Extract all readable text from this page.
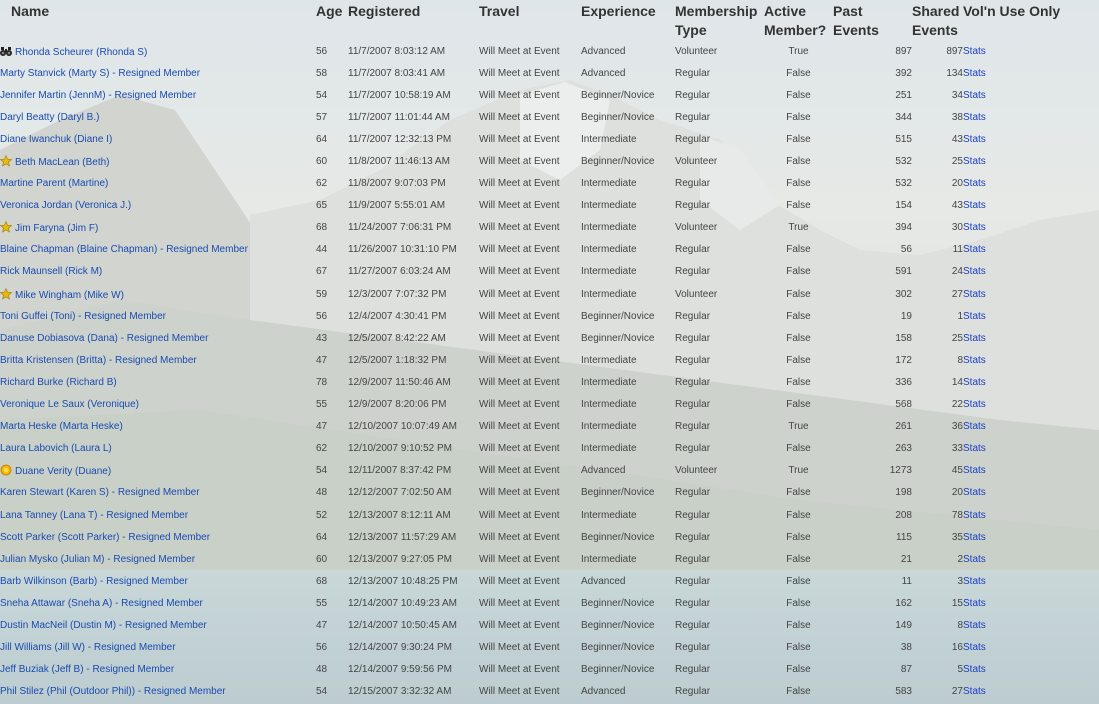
Name	Age	Registered	Travel	Experience	Membership Type	Active Member?	Past Events	Shared Events	Vol'n Use Only
Rhonda Scheurer (Rhonda S)	56	11/7/2007 8:03:12 AM	Will Meet at Event	Advanced	Volunteer	True	897	897	Stats
Marty Stanvick (Marty S) - Resigned Member	58	11/7/2007 8:03:41 AM	Will Meet at Event	Advanced	Regular	False	392	134	Stats
Jennifer Martin (JennM) - Resigned Member	54	11/7/2007 10:58:19 AM	Will Meet at Event	Beginner/Novice	Regular	False	251	34	Stats
Daryl Beatty (Daryl B.)	57	11/7/2007 11:01:44 AM	Will Meet at Event	Beginner/Novice	Regular	False	344	38	Stats
Diane Iwanchuk (Diane I)	64	11/7/2007 12:32:13 PM	Will Meet at Event	Intermediate	Regular	False	515	43	Stats
Beth MacLean (Beth)	60	11/8/2007 11:46:13 AM	Will Meet at Event	Beginner/Novice	Volunteer	False	532	25	Stats
Martine Parent (Martine)	62	11/8/2007 9:07:03 PM	Will Meet at Event	Intermediate	Regular	False	532	20	Stats
Veronica Jordan (Veronica J.)	65	11/9/2007 5:55:01 AM	Will Meet at Event	Intermediate	Regular	False	154	43	Stats
Jim Faryna (Jim F)	68	11/24/2007 7:06:31 PM	Will Meet at Event	Intermediate	Volunteer	True	394	30	Stats
Blaine Chapman (Blaine Chapman) - Resigned Member	44	11/26/2007 10:31:10 PM	Will Meet at Event	Intermediate	Regular	False	56	11	Stats
Rick Maunsell (Rick M)	67	11/27/2007 6:03:24 AM	Will Meet at Event	Intermediate	Regular	False	591	24	Stats
Mike Wingham (Mike W)	59	12/3/2007 7:07:32 PM	Will Meet at Event	Intermediate	Volunteer	False	302	27	Stats
Toni Guffei (Toni) - Resigned Member	56	12/4/2007 4:30:41 PM	Will Meet at Event	Beginner/Novice	Regular	False	19	1	Stats
Danuse Dobiasova (Dana) - Resigned Member	43	12/5/2007 8:42:22 AM	Will Meet at Event	Beginner/Novice	Regular	False	158	25	Stats
Britta Kristensen (Britta) - Resigned Member	47	12/5/2007 1:18:32 PM	Will Meet at Event	Intermediate	Regular	False	172	8	Stats
Richard Burke (Richard B)	78	12/9/2007 11:50:46 AM	Will Meet at Event	Intermediate	Regular	False	336	14	Stats
Veronique Le Saux (Veronique)	55	12/9/2007 8:20:06 PM	Will Meet at Event	Intermediate	Regular	False	568	22	Stats
Marta Heske (Marta Heske)	47	12/10/2007 10:07:49 AM	Will Meet at Event	Intermediate	Regular	True	261	36	Stats
Laura Labovich (Laura L)	62	12/10/2007 9:10:52 PM	Will Meet at Event	Intermediate	Regular	False	263	33	Stats
Duane Verity (Duane)	54	12/11/2007 8:37:42 PM	Will Meet at Event	Advanced	Volunteer	True	1273	45	Stats
Karen Stewart (Karen S) - Resigned Member	48	12/12/2007 7:02:50 AM	Will Meet at Event	Beginner/Novice	Regular	False	198	20	Stats
Lana Tanney (Lana T) - Resigned Member	52	12/13/2007 8:12:11 AM	Will Meet at Event	Intermediate	Regular	False	208	78	Stats
Scott Parker (Scott Parker) - Resigned Member	64	12/13/2007 11:57:29 AM	Will Meet at Event	Beginner/Novice	Regular	False	115	35	Stats
Julian Mysko (Julian M) - Resigned Member	60	12/13/2007 9:27:05 PM	Will Meet at Event	Intermediate	Regular	False	21	2	Stats
Barb Wilkinson (Barb) - Resigned Member	68	12/13/2007 10:48:25 PM	Will Meet at Event	Advanced	Regular	False	11	3	Stats
Sneha Attawar (Sneha A) - Resigned Member	55	12/14/2007 10:49:23 AM	Will Meet at Event	Beginner/Novice	Regular	False	162	15	Stats
Dustin MacNeil (Dustin M) - Resigned Member	47	12/14/2007 10:50:45 AM	Will Meet at Event	Beginner/Novice	Regular	False	149	8	Stats
Jill Williams (Jill W) - Resigned Member	56	12/14/2007 9:30:24 PM	Will Meet at Event	Beginner/Novice	Regular	False	38	16	Stats
Jeff Buziak (Jeff B) - Resigned Member	48	12/14/2007 9:59:56 PM	Will Meet at Event	Beginner/Novice	Regular	False	87	5	Stats
Phil Stilez (Phil (Outdoor Phil)) - Resigned Member	54	12/15/2007 3:32:32 AM	Will Meet at Event	Advanced	Regular	False	583	27	Stats
